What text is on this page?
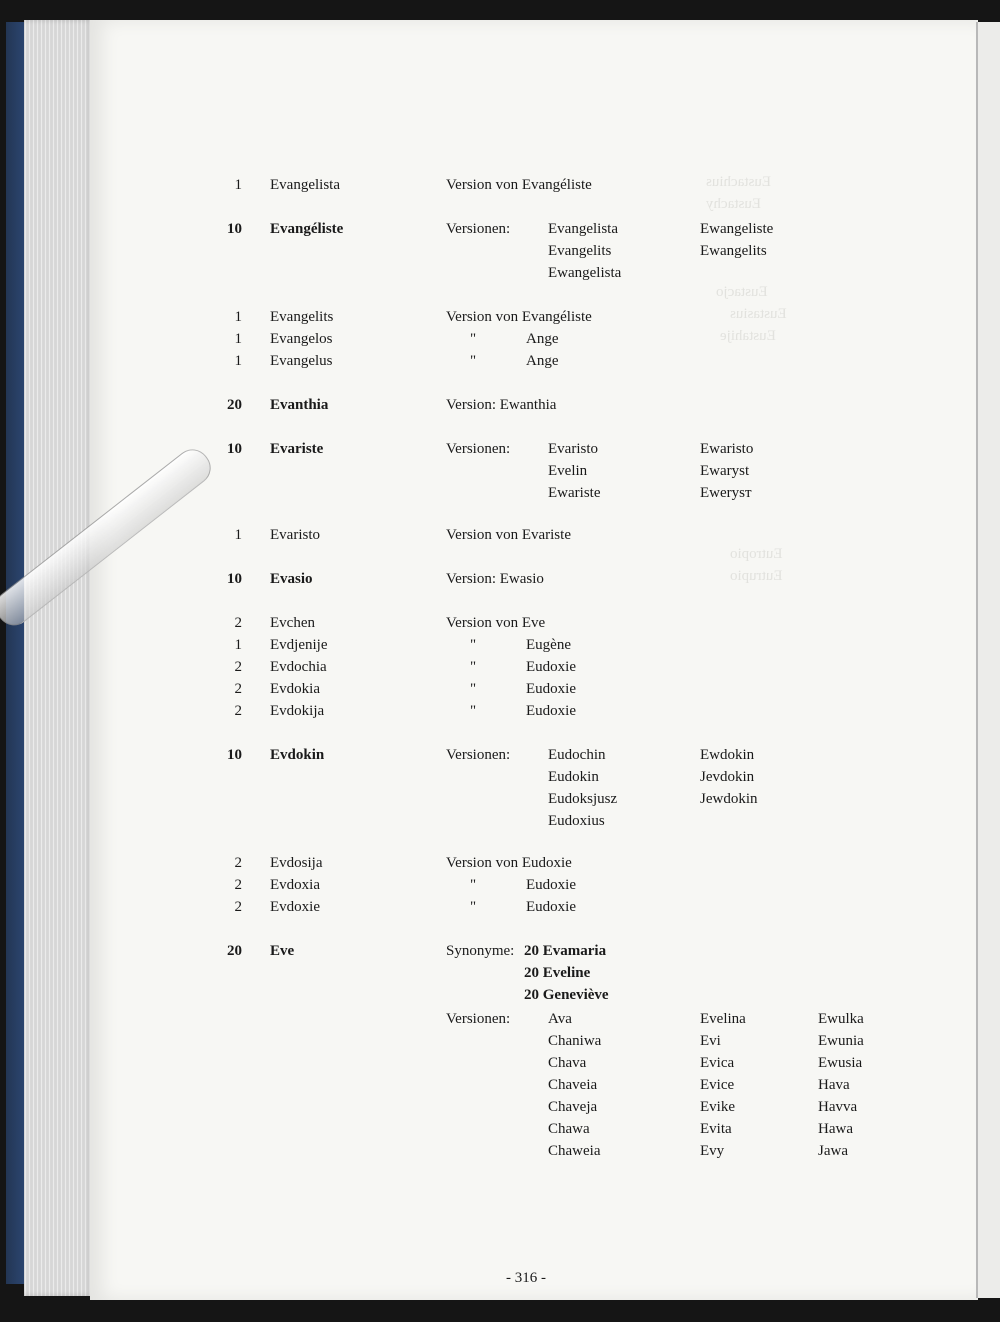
Eustachius
Eustachy
Eustacjo
Eustasius
Eustahije
Eutropio
Eutrupio
1 Evangelista	Version von Evangéliste
10 Evangéliste	Versionen:	Evangelista	Ewangeliste
Evangelits	Ewangelits
Ewangelista
1 Evangelits	Version von Evangéliste
1 Evangelos	"	Ange
1 Evangelus	"	Ange
20 Evanthia	Version: Ewanthia
10 Evariste	Versionen:	Evaristo	Ewaristo
Evelin	Ewaryst
Ewariste	Ewerysт
1 Evaristo	Version von Evariste
10 Evasio	Version: Ewasio
2 Evchen	Version von Eve
1 Evdjenije	"	Eugène
2 Evdochia	"	Eudoxie
2 Evdokia	"	Eudoxie
2 Evdokija	"	Eudoxie
10 Evdokin	Versionen:	Eudochin	Ewdokin
Eudokin	Jevdokin
Eudoksjusz	Jewdokin
Eudoxius
2 Evdosija	Version von Eudoxie
2 Evdoxia	"	Eudoxie
2 Evdoxie	"	Eudoxie
20 Eve	Synonyme: 20 Evamaria
20 Eveline
20 Geneviève
Versionen:	Ava	Evelina	Ewulka
Chaniwa	Evi	Ewunia
Chava	Evica	Ewusia
Chaveia	Evice	Hava
Chaveja	Evike	Havva
Chawa	Evita	Hawa
Chaweia	Evy	Jawa
- 316 -
